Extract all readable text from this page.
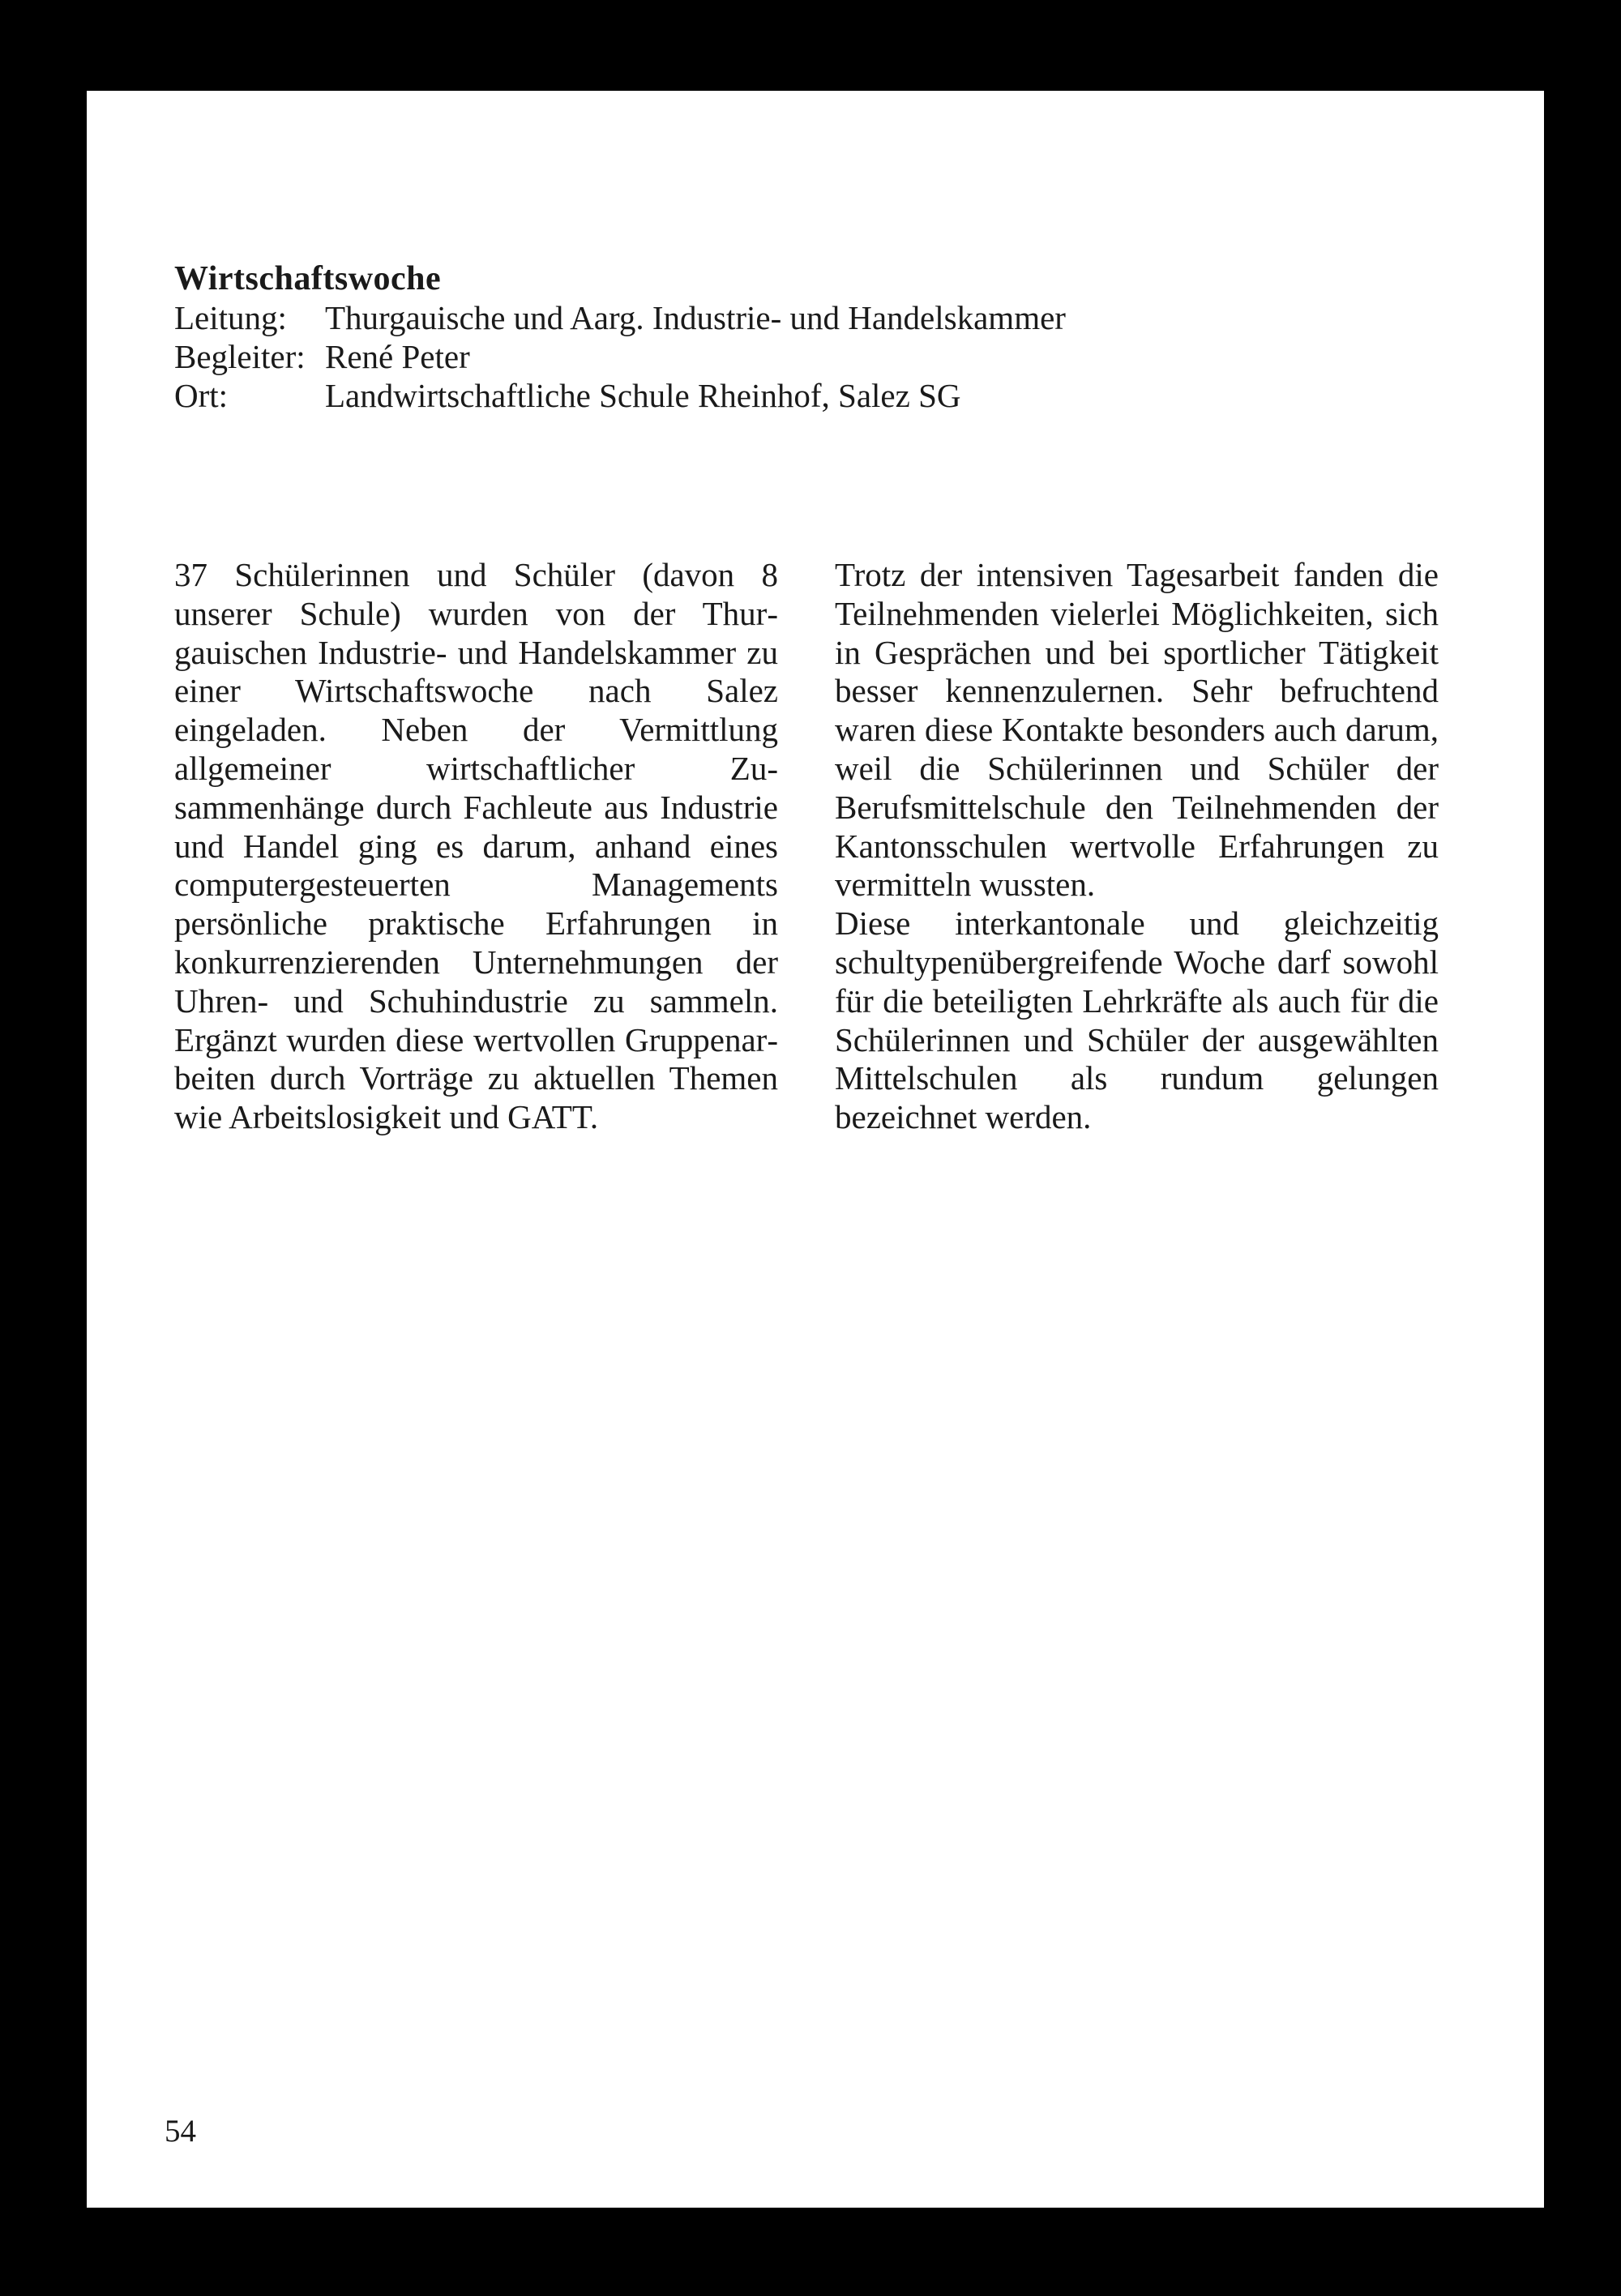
Wirtschaftswoche
Leitung:	Thurgauische und Aarg. Industrie- und Handelskammer
Begleiter: René Peter
Ort:	Landwirtschaftliche Schule Rheinhof, Salez SG

37 Schülerinnen und Schüler (davon 8 unserer Schule) wurden von der Thurgauischen Industrie- und Handelskammer zu einer Wirtschaftswoche nach Salez eingeladen. Neben der Vermittlung allgemeiner wirtschaftlicher Zusammenhänge durch Fachleute aus Industrie und Handel ging es darum, anhand eines computergesteuerten Managements persönliche praktische Erfahrungen in konkurrenzierenden Unternehmungen der Uhren- und Schuhindustrie zu sammeln. Ergänzt wurden diese wertvollen Gruppenarbeiten durch Vorträge zu aktuellen Themen wie Arbeitslosigkeit und GATT.

Trotz der intensiven Tagesarbeit fanden die Teilnehmenden vielerlei Möglichkeiten, sich in Gesprächen und bei sportlicher Tätigkeit besser kennenzulernen. Sehr befruchtend waren diese Kontakte besonders auch darum, weil die Schülerinnen und Schüler der Berufsmittelschule den Teilnehmenden der Kantonsschulen wertvolle Erfahrungen zu vermitteln wussten.

Diese interkantonale und gleichzeitig schultypenübergreifende Woche darf sowohl für die beteiligten Lehrkräfte als auch für die Schülerinnen und Schüler der ausgewählten Mittelschulen als rundum gelungen bezeichnet werden.

54
